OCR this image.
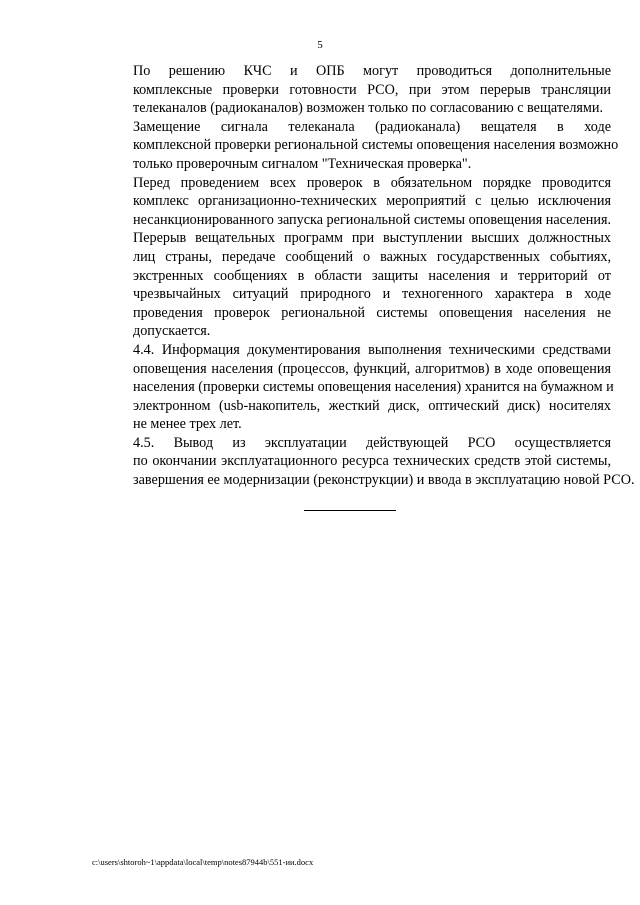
5

По решению КЧС и ОПБ могут проводиться дополнительные
комплексные проверки готовности РСО, при этом перерыв трансляции
телеканалов (радиоканалов) возможен только по согласованию с вещателями.

Замещение сигнала телеканала (радиоканала) вещателя в ходе
комплексной проверки региональной системы оповещения населения возможно
только проверочным сигналом "Техническая проверка".

Перед проведением всех проверок в обязательном порядке проводится
комплекс организационно-технических мероприятий с целью исключения
несанкционированного запуска региональной системы оповещения населения.

Перерыв вещательных программ при выступлении высших должностных
лиц страны, передаче сообщений о важных государственных событиях,
экстренных сообщениях в области защиты населения и территорий от
чрезвычайных ситуаций природного и техногенного характера в ходе
проведения проверок региональной системы оповещения населения не
допускается.

4.4. Информация документирования выполнения техническими средствами
оповещения населения (процессов, функций, алгоритмов) в ходе оповещения
населения (проверки системы оповещения населения) хранится на бумажном и
электронном (usb-накопитель, жесткий диск, оптический диск) носителях
не менее трех лет.

4.5. Вывод из эксплуатации действующей РСО осуществляется
по окончании эксплуатационного ресурса технических средств этой системы,
завершения ее модернизации (реконструкции) и ввода в эксплуатацию новой РСО.

c:\users\shtoroh~1\appdata\local\temp\notes87944b\551-ии.docx
